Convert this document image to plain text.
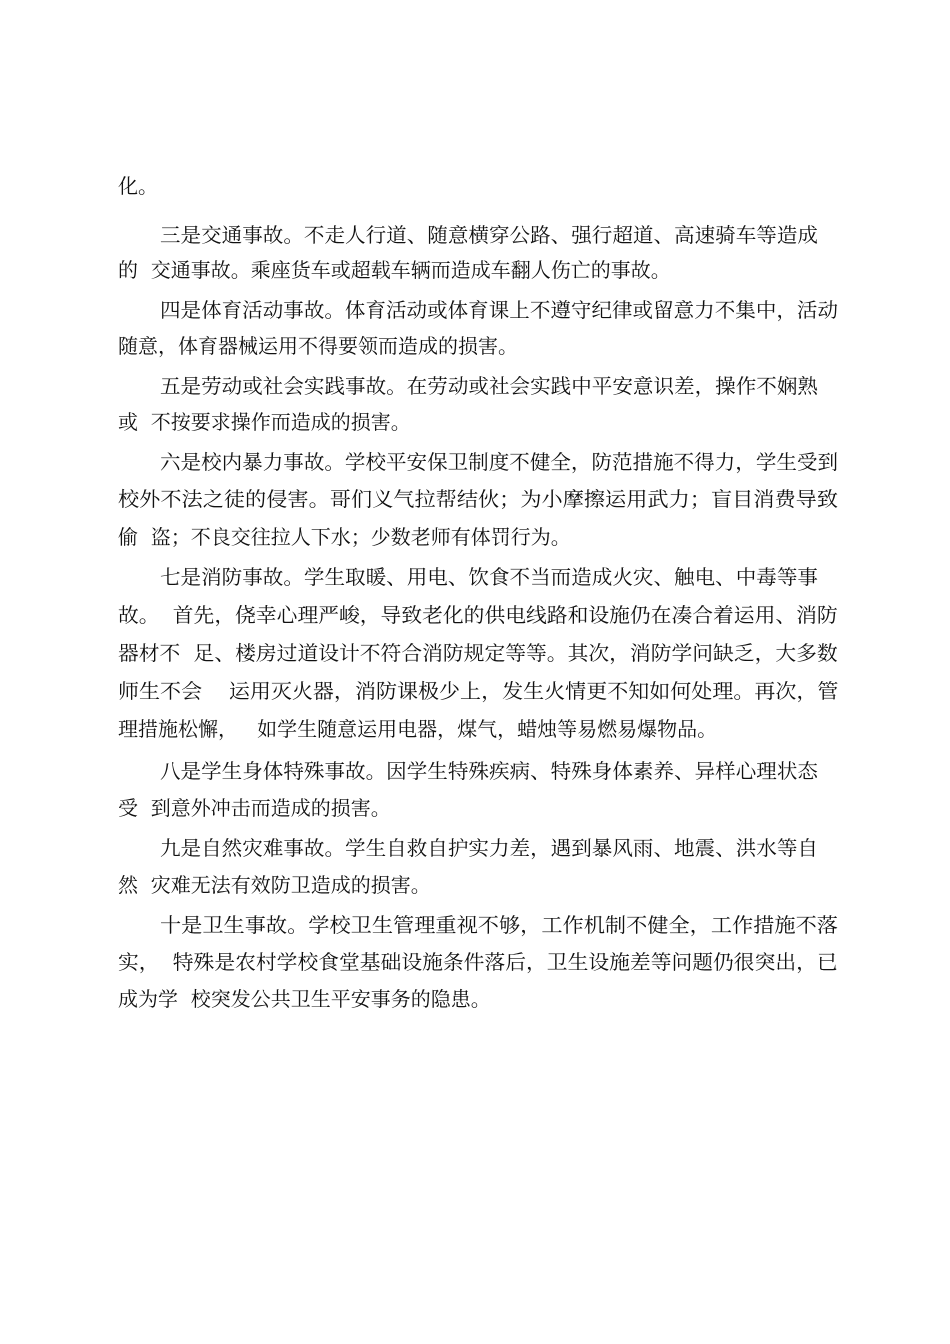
化。
三是交通事故。不走人行道、随意横穿公路、强行超道、高速骑车等造成
的  交通事故。乘座货车或超载车辆而造成车翻人伤亡的事故。
四是体育活动事故。体育活动或体育课上不遵守纪律或留意力不集中，活动
随意，体育器械运用不得要领而造成的损害。
五是劳动或社会实践事故。在劳动或社会实践中平安意识差，操作不娴熟
或  不按要求操作而造成的损害。
六是校内暴力事故。学校平安保卫制度不健全，防范措施不得力，学生受到
校外不法之徒的侵害。哥们义气拉帮结伙；为小摩擦运用武力；盲目消费导致
偷  盗；不良交往拉人下水；少数老师有体罚行为。
七是消防事故。学生取暖、用电、饮食不当而造成火灾、触电、中毒等事
故。  首先，侥幸心理严峻，导致老化的供电线路和设施仍在凑合着运用、消防
器材不  足、楼房过道设计不符合消防规定等等。其次，消防学问缺乏，大多数
师生不会    运用灭火器，消防课极少上，发生火情更不知如何处理。再次，管
理措施松懈，   如学生随意运用电器，煤气，蜡烛等易燃易爆物品。
八是学生身体特殊事故。因学生特殊疾病、特殊身体素养、异样心理状态
受  到意外冲击而造成的损害。
九是自然灾难事故。学生自救自护实力差，遇到暴风雨、地震、洪水等自
然  灾难无法有效防卫造成的损害。
十是卫生事故。学校卫生管理重视不够，工作机制不健全，工作措施不落
实，  特殊是农村学校食堂基础设施条件落后，卫生设施差等问题仍很突出，已
成为学  校突发公共卫生平安事务的隐患。
